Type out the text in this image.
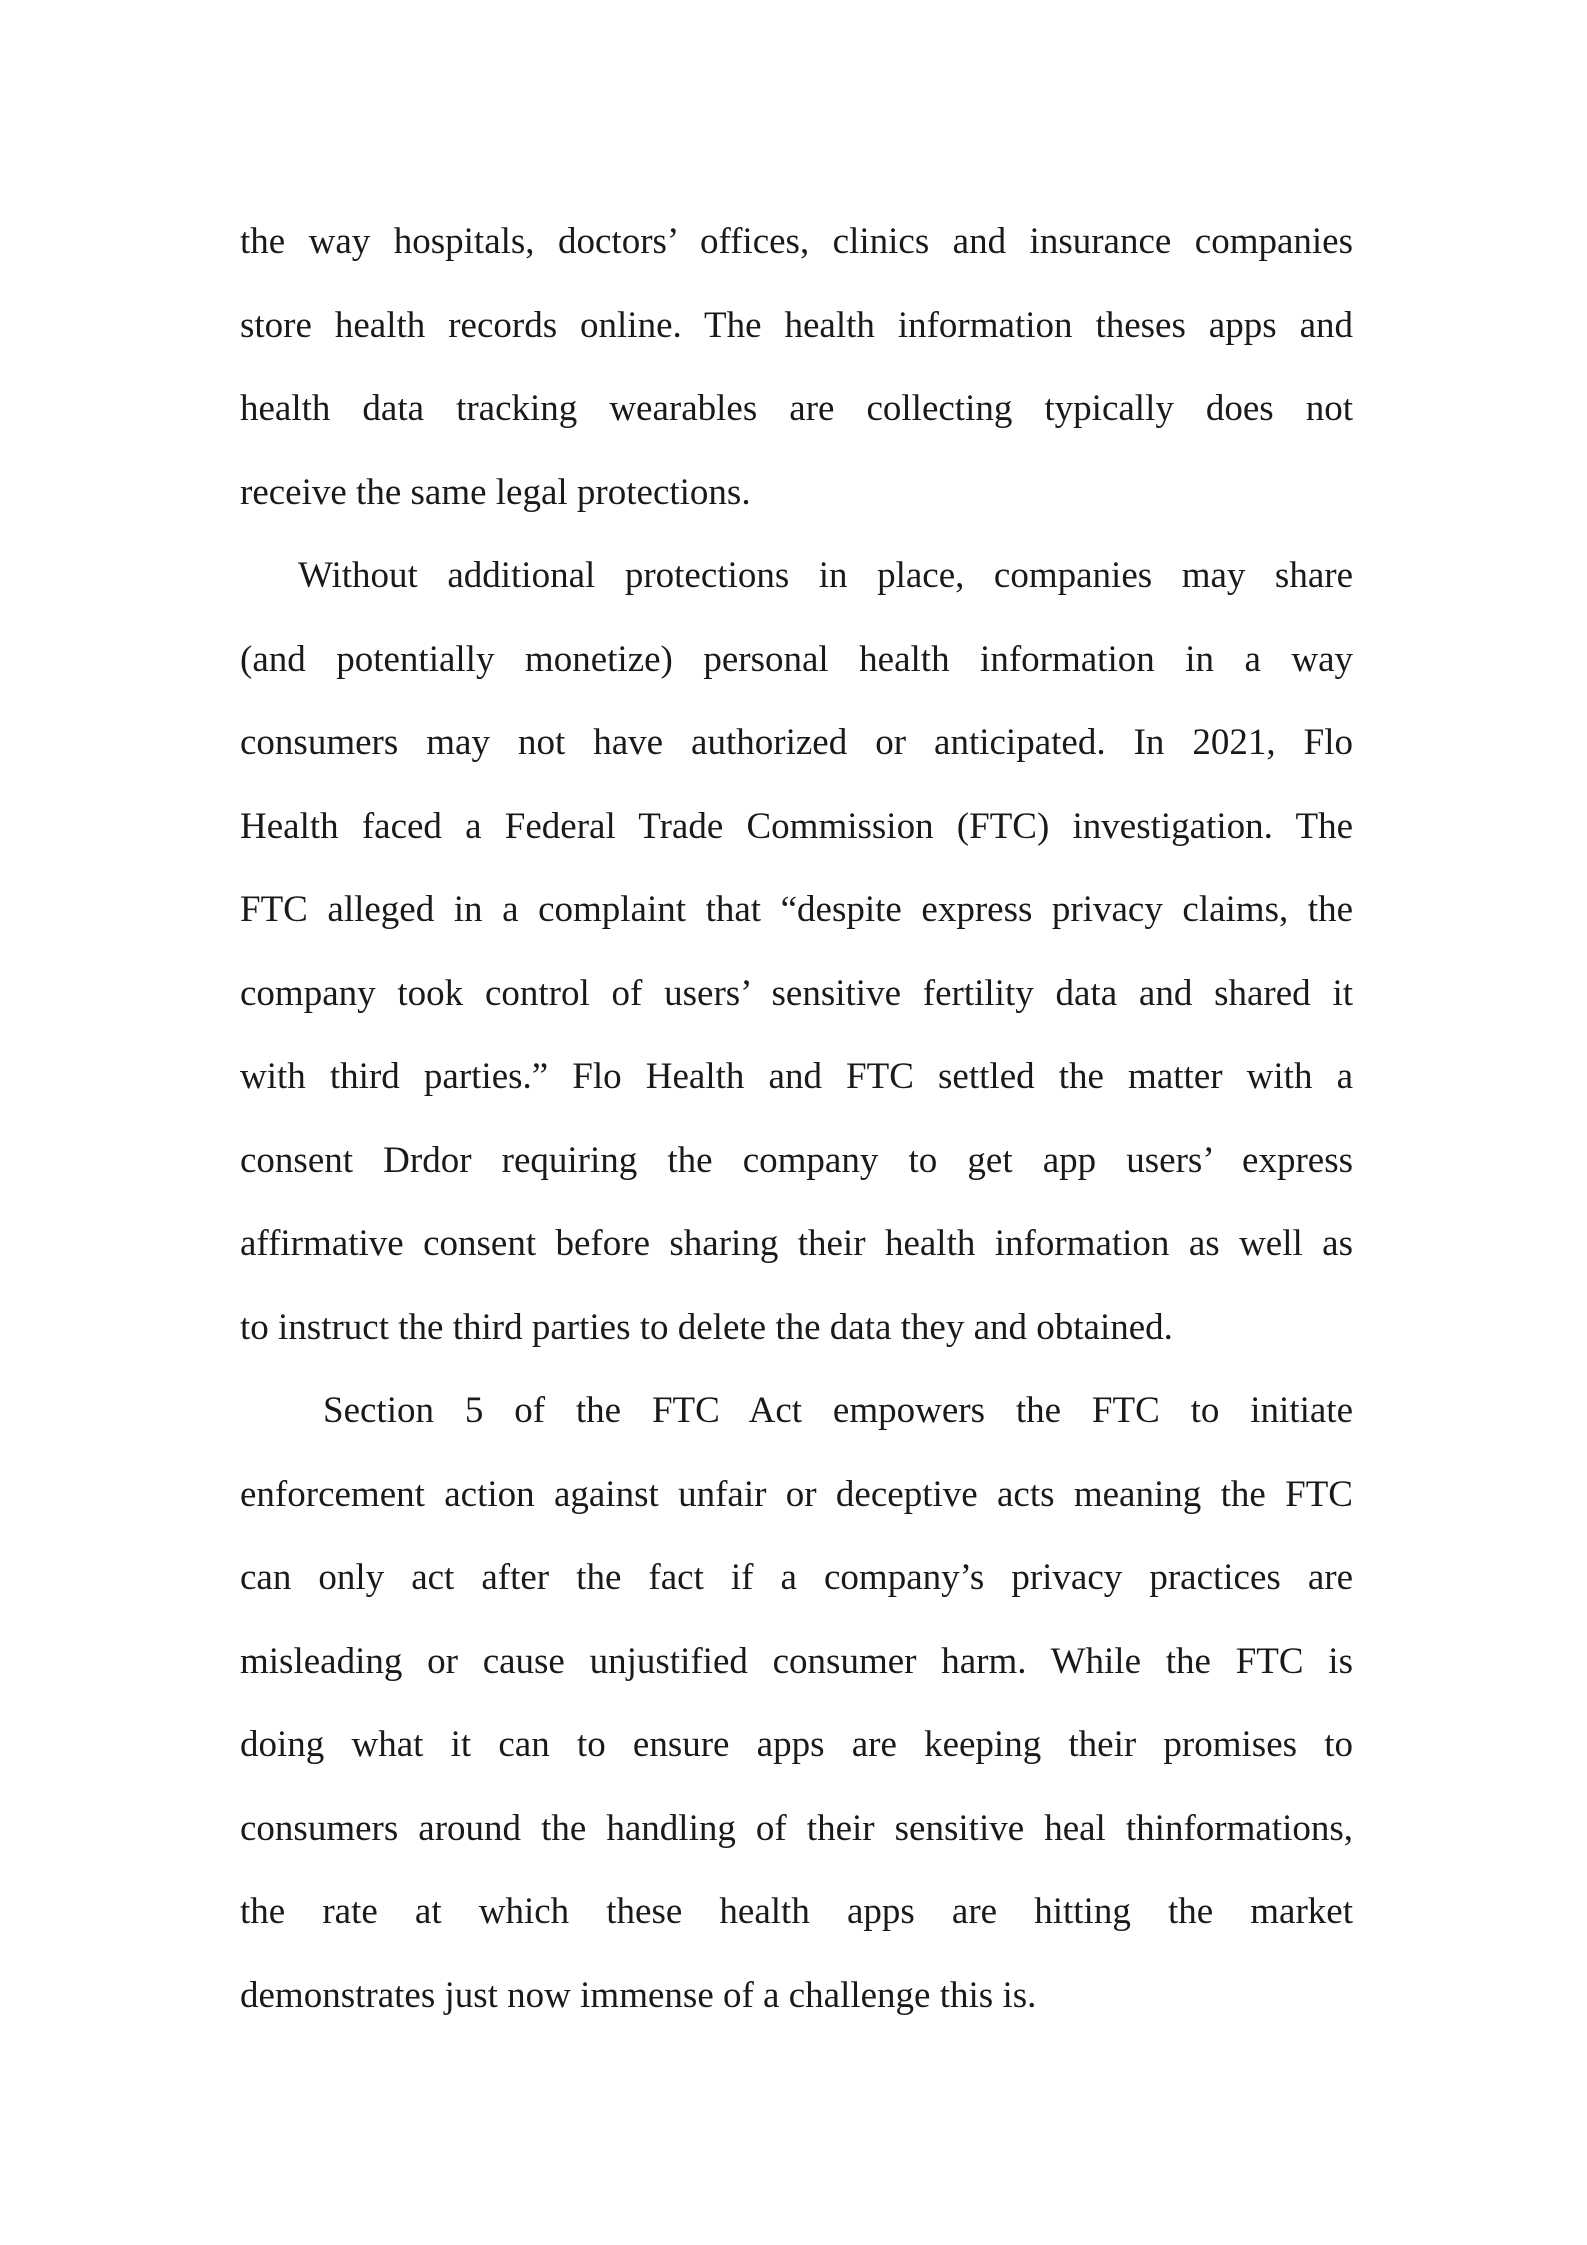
the way hospitals, doctors’ offices, clinics and insurance companies
store health records online. The health information theses apps and
health data tracking wearables are collecting typically does not
receive the same legal protections.
Without additional protections in place, companies may share
(and potentially monetize) personal health information in a way
consumers may not have authorized or anticipated. In 2021, Flo
Health faced a Federal Trade Commission (FTC) investigation. The
FTC alleged in a complaint that “despite express privacy claims, the
company took control of users’ sensitive fertility data and shared it
with third parties.” Flo Health and FTC settled the matter with a
consent Drdor requiring the company to get app users’ express
affirmative consent before sharing their health information as well as
to instruct the third parties to delete the data they and obtained.
Section 5 of the FTC Act empowers the FTC to initiate
enforcement action against unfair or deceptive acts meaning the FTC
can only act after the fact if a company’s privacy practices are
misleading or cause unjustified consumer harm. While the FTC is
doing what it can to ensure apps are keeping their promises to
consumers around the handling of their sensitive heal thinformations,
the rate at which these health apps are hitting the market
demonstrates just now immense of a challenge this is.
